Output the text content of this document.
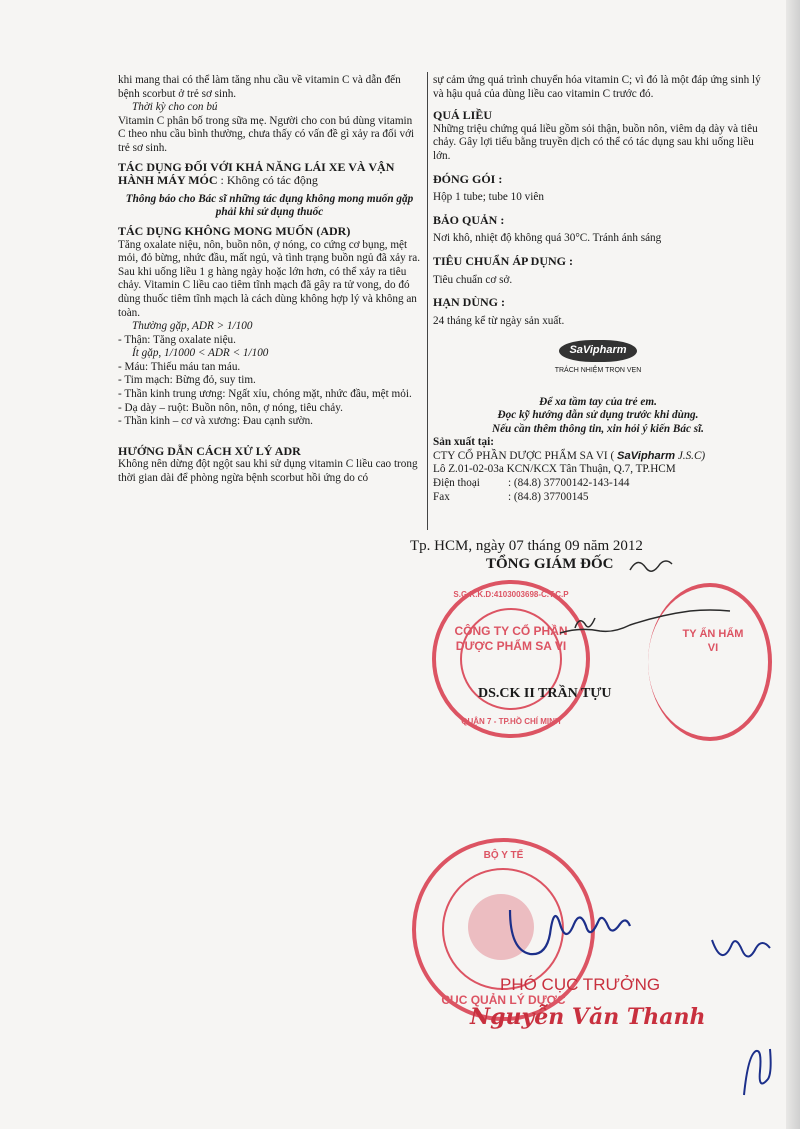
khi mang thai có thể làm tăng nhu cầu về vitamin C và dẫn đến bệnh scorbut ở trẻ sơ sinh.

Thời kỳ cho con bú

Vitamin C phân bố trong sữa mẹ. Người cho con bú dùng vitamin C theo nhu cầu bình thường, chưa thấy có vấn đề gì xảy ra đối với trẻ sơ sinh.

TÁC DỤNG ĐỐI VỚI KHẢ NĂNG LÁI XE VÀ VẬN HÀNH MÁY MÓC : Không có tác động

Thông báo cho Bác sĩ những tác dụng không mong muốn gặp phải khi sử dụng thuốc

TÁC DỤNG KHÔNG MONG MUỐN (ADR)

Tăng oxalate niệu, nôn, buồn nôn, ợ nóng, co cứng cơ bụng, mệt mỏi, đỏ bừng, nhức đầu, mất ngủ, và tình trạng buồn ngủ đã xảy ra. Sau khi uống liều 1 g hàng ngày hoặc lớn hơn, có thể xảy ra tiêu chảy. Vitamin C liều cao tiêm tĩnh mạch đã gây ra tử vong, do đó dùng thuốc tiêm tĩnh mạch là cách dùng không hợp lý và không an toàn.

Thường gặp, ADR > 1/100

- Thận: Tăng oxalate niệu.

Ít gặp, 1/1000 < ADR < 1/100

- Máu: Thiếu máu tan máu.

- Tim mạch: Bừng đỏ, suy tim.

- Thần kinh trung ương: Ngất xỉu, chóng mặt, nhức đầu, mệt mỏi.

- Dạ dày – ruột: Buồn nôn, nôn, ợ nóng, tiêu chảy.

- Thần kinh – cơ và xương: Đau cạnh sườn.

HƯỚNG DẪN CÁCH XỬ LÝ ADR

Không nên dừng đột ngột sau khi sử dụng vitamin C liều cao trong thời gian dài để phòng ngừa bệnh scorbut hồi ứng do có

sự cảm ứng quá trình chuyển hóa vitamin C; vì đó là một đáp ứng sinh lý và hậu quả của dùng liều cao vitamin C trước đó.

QUÁ LIỀU

Những triệu chứng quá liều gồm sỏi thận, buồn nôn, viêm dạ dày và tiêu chảy. Gây lợi tiểu bằng truyền dịch có thể có tác dụng sau khi uống liều lớn.

ĐÓNG GÓI :

Hộp 1 tube; tube 10 viên

BẢO QUẢN :

Nơi khô, nhiệt độ không quá 30°C. Tránh ánh sáng

TIÊU CHUẨN ÁP DỤNG :

Tiêu chuẩn cơ sở.

HẠN DÙNG :

24 tháng kể từ ngày sản xuất.

SaVipharm
TRÁCH NHIỆM TRỌN VẸN

Để xa tầm tay của trẻ em.

Đọc kỹ hướng dẫn sử dụng trước khi dùng.

Nếu cần thêm thông tin, xin hỏi ý kiến Bác sĩ.

Sản xuất tại:

CTY CỔ PHẦN DƯỢC PHẨM SA VI ( SaVipharm J.S.C)

Lô Z.01-02-03a KCN/KCX Tân Thuận, Q.7, TP.HCM

Điện thoại	: (84.8) 37700142-143-144
Fax	: (84.8) 37700145
Tp. HCM, ngày 07 tháng 09 năm 2012
TỔNG GIÁM ĐỐC
S.G.K.K.D:4103003698-C.T.C.P
CÔNG TY CỔ PHẦN DƯỢC PHẨM SA VI
QUẬN 7 - TP.HỒ CHÍ MINH
TY ẨN HẨM VI
DS.CK II TRẦN TỰU
BỘ Y TẾ
CỤC QUẢN LÝ DƯỢC
PHÓ CỤC TRƯỞNG
Nguyễn Văn Thanh
